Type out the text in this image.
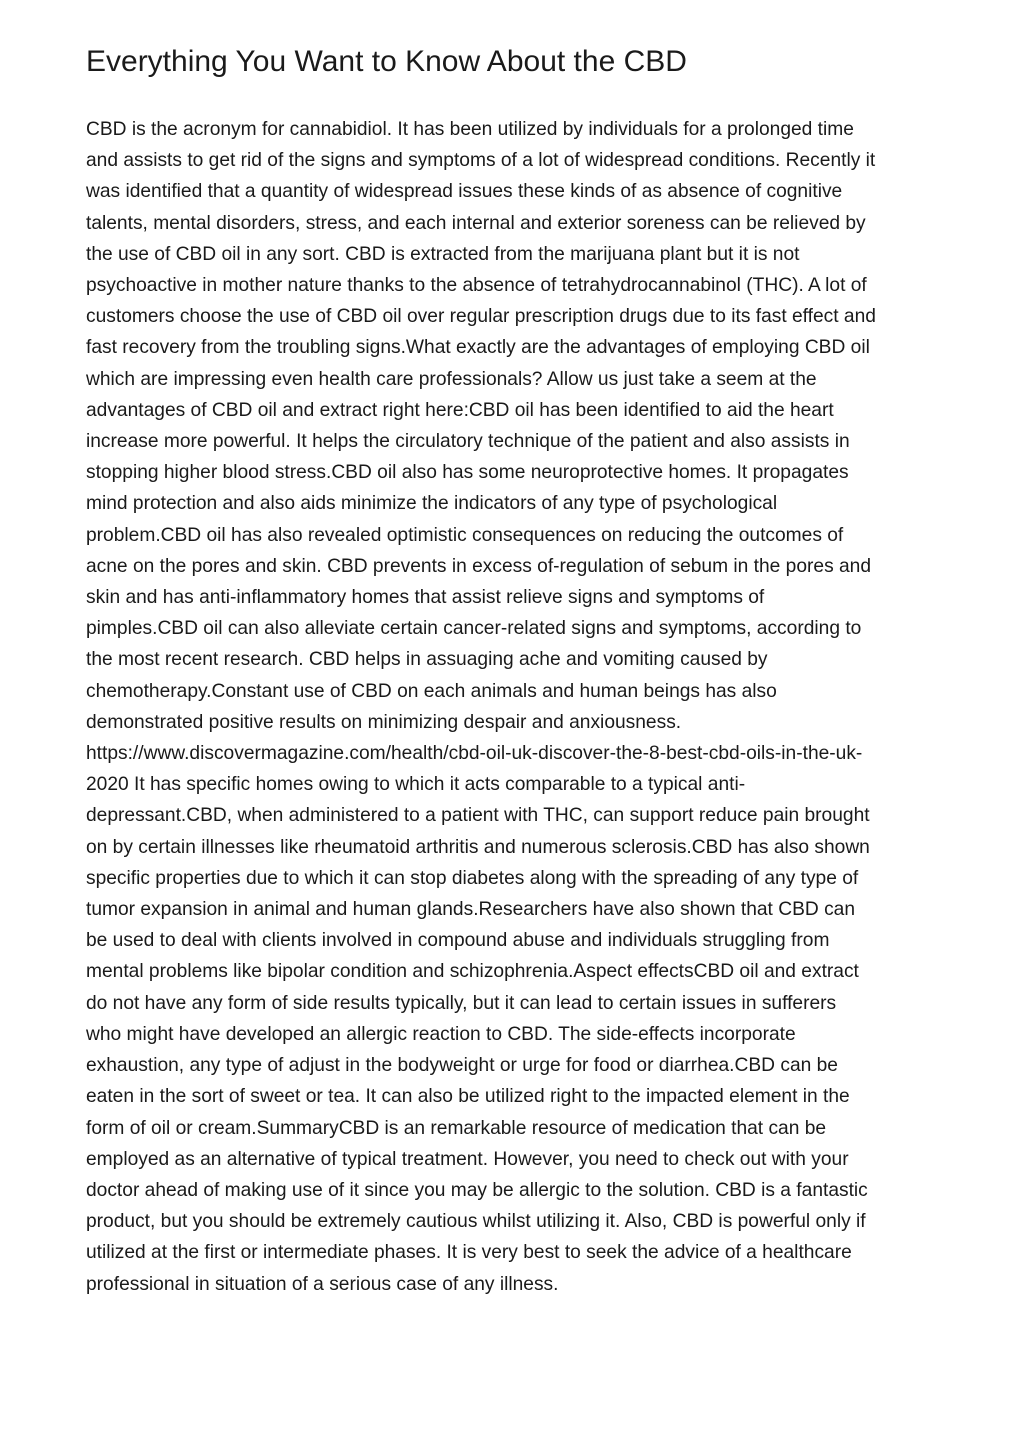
Everything You Want to Know About the CBD
CBD is the acronym for cannabidiol. It has been utilized by individuals for a prolonged time
and assists to get rid of the signs and symptoms of a lot of widespread conditions. Recently it
was identified that a quantity of widespread issues these kinds of as absence of cognitive
talents, mental disorders, stress, and each internal and exterior soreness can be relieved by
the use of CBD oil in any sort. CBD is extracted from the marijuana plant but it is not
psychoactive in mother nature thanks to the absence of tetrahydrocannabinol (THC). A lot of
customers choose the use of CBD oil over regular prescription drugs due to its fast effect and
fast recovery from the troubling signs.What exactly are the advantages of employing CBD oil
which are impressing even health care professionals? Allow us just take a seem at the
advantages of CBD oil and extract right here:CBD oil has been identified to aid the heart
increase more powerful. It helps the circulatory technique of the patient and also assists in
stopping higher blood stress.CBD oil also has some neuroprotective homes. It propagates
mind protection and also aids minimize the indicators of any type of psychological
problem.CBD oil has also revealed optimistic consequences on reducing the outcomes of
acne on the pores and skin. CBD prevents in excess of-regulation of sebum in the pores and
skin and has anti-inflammatory homes that assist relieve signs and symptoms of
pimples.CBD oil can also alleviate certain cancer-related signs and symptoms, according to
the most recent research. CBD helps in assuaging ache and vomiting caused by
chemotherapy.Constant use of CBD on each animals and human beings has also
demonstrated positive results on minimizing despair and anxiousness.
https://www.discovermagazine.com/health/cbd-oil-uk-discover-the-8-best-cbd-oils-in-the-uk-
2020 It has specific homes owing to which it acts comparable to a typical anti-
depressant.CBD, when administered to a patient with THC, can support reduce pain brought
on by certain illnesses like rheumatoid arthritis and numerous sclerosis.CBD has also shown
specific properties due to which it can stop diabetes along with the spreading of any type of
tumor expansion in animal and human glands.Researchers have also shown that CBD can
be used to deal with clients involved in compound abuse and individuals struggling from
mental problems like bipolar condition and schizophrenia.Aspect effectsCBD oil and extract
do not have any form of side results typically, but it can lead to certain issues in sufferers
who might have developed an allergic reaction to CBD. The side-effects incorporate
exhaustion, any type of adjust in the bodyweight or urge for food or diarrhea.CBD can be
eaten in the sort of sweet or tea. It can also be utilized right to the impacted element in the
form of oil or cream.SummaryCBD is an remarkable resource of medication that can be
employed as an alternative of typical treatment. However, you need to check out with your
doctor ahead of making use of it since you may be allergic to the solution. CBD is a fantastic
product, but you should be extremely cautious whilst utilizing it. Also, CBD is powerful only if
utilized at the first or intermediate phases. It is very best to seek the advice of a healthcare
professional in situation of a serious case of any illness.
